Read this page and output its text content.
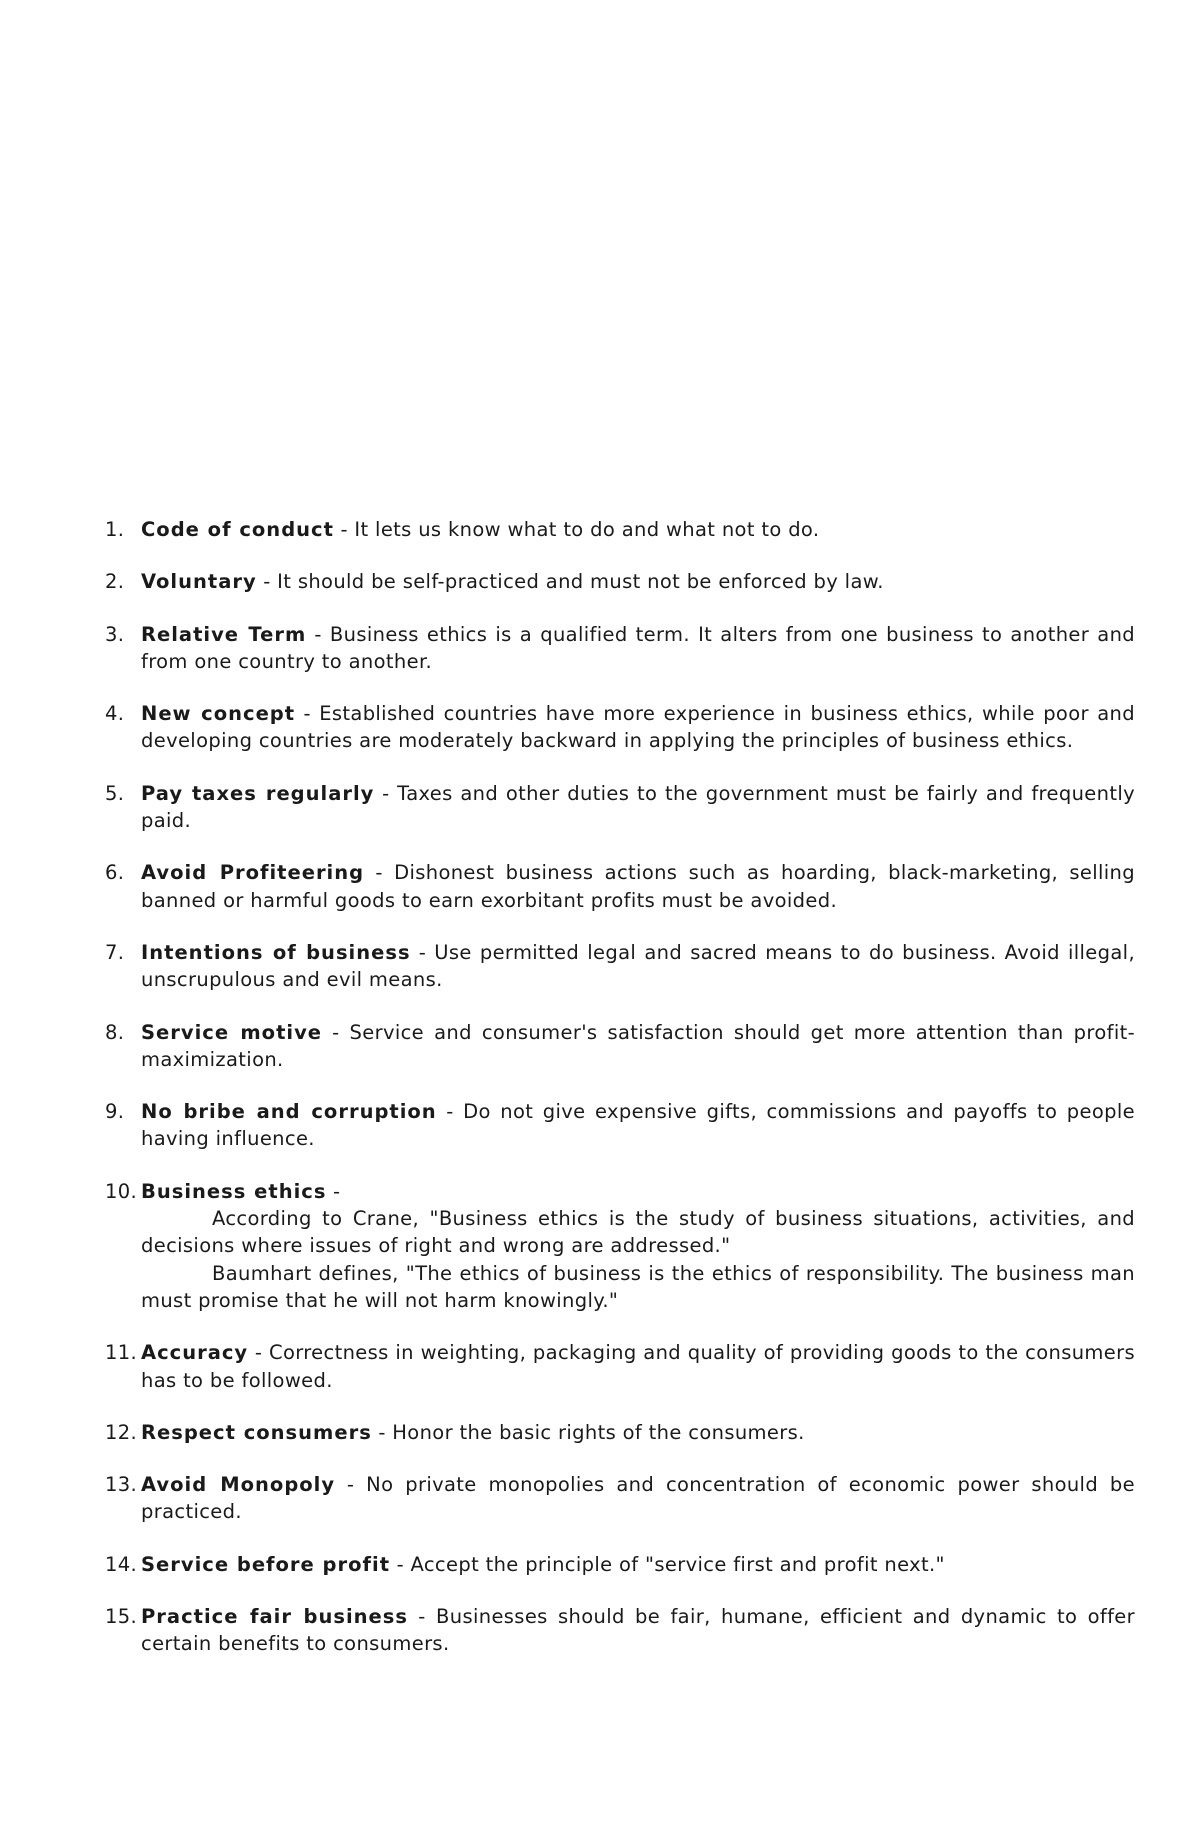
1. Code of conduct - It lets us know what to do and what not to do.
2. Voluntary - It should be self-practiced and must not be enforced by law.
3. Relative Term - Business ethics is a qualified term. It alters from one business to another and from one country to another.
4. New concept - Established countries have more experience in business ethics, while poor and developing countries are moderately backward in applying the principles of business ethics.
5. Pay taxes regularly - Taxes and other duties to the government must be fairly and frequently paid.
6. Avoid Profiteering - Dishonest business actions such as hoarding, black-marketing, selling banned or harmful goods to earn exorbitant profits must be avoided.
7. Intentions of business - Use permitted legal and sacred means to do business. Avoid illegal, unscrupulous and evil means.
8. Service motive - Service and consumer's satisfaction should get more attention than profit- maximization.
9. No bribe and corruption - Do not give expensive gifts, commissions and payoffs to people having influence.
10. Business ethics -
According to Crane, "Business ethics is the study of business situations, activities, and decisions where issues of right and wrong are addressed."
Baumhart defines, "The ethics of business is the ethics of responsibility. The business man must promise that he will not harm knowingly."
11. Accuracy - Correctness in weighting, packaging and quality of providing goods to the consumers has to be followed.
12. Respect consumers - Honor the basic rights of the consumers.
13. Avoid Monopoly - No private monopolies and concentration of economic power should be practiced.
14. Service before profit - Accept the principle of "service first and profit next."
15. Practice fair business - Businesses should be fair, humane, efficient and dynamic to offer certain benefits to consumers.
